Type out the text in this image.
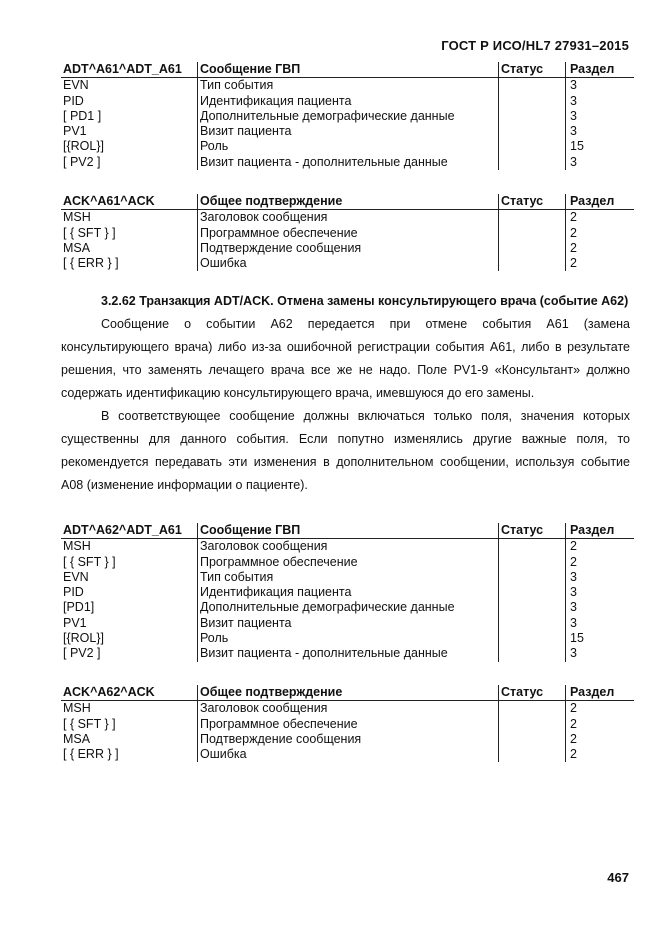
ГОСТ Р ИСО/HL7 27931–2015
ADT^A61^ADT_A61	Сообщение ГВП	Статус	Раздел
EVN	Тип события		3
PID	Идентификация пациента		3
[ PD1 ]	Дополнительные демографические данные		3
PV1	Визит пациента		3
[{ROL}]	Роль		15
[ PV2 ]	Визит пациента - дополнительные данные		3
ACK^A61^ACK	Общее подтверждение	Статус	Раздел
MSH	Заголовок сообщения		2
[ { SFT } ]	Программное обеспечение		2
MSA	Подтверждение сообщения		2
[ { ERR } ]	Ошибка		2

3.2.62 Транзакция ADT/ACK. Отмена замены консультирующего врача (событие A62)

Сообщение о событии A62 передается при отмене события A61 (замена консультирующего врача) либо из-за ошибочной регистрации события A61, либо в результате решения, что заменять лечащего врача все же не надо. Поле PV1-9 «Консультант» должно содержать идентификацию консультирующего врача, имевшуюся до его замены.

В соответствующее сообщение должны включаться только поля, значения которых существенны для данного события. Если попутно изменялись другие важные поля, то рекомендуется передавать эти изменения в дополнительном сообщении, используя событие A08 (изменение информации о пациенте).

ADT^A62^ADT_A61	Сообщение ГВП	Статус	Раздел
MSH	Заголовок сообщения		2
[ { SFT } ]	Программное обеспечение		2
EVN	Тип события		3
PID	Идентификация пациента		3
[PD1]	Дополнительные демографические данные		3
PV1	Визит пациента		3
[{ROL}]	Роль		15
[ PV2 ]	Визит пациента - дополнительные данные		3
ACK^A62^ACK	Общее подтверждение	Статус	Раздел
MSH	Заголовок сообщения		2
[ { SFT } ]	Программное обеспечение		2
MSA	Подтверждение сообщения		2
[ { ERR } ]	Ошибка		2
467
